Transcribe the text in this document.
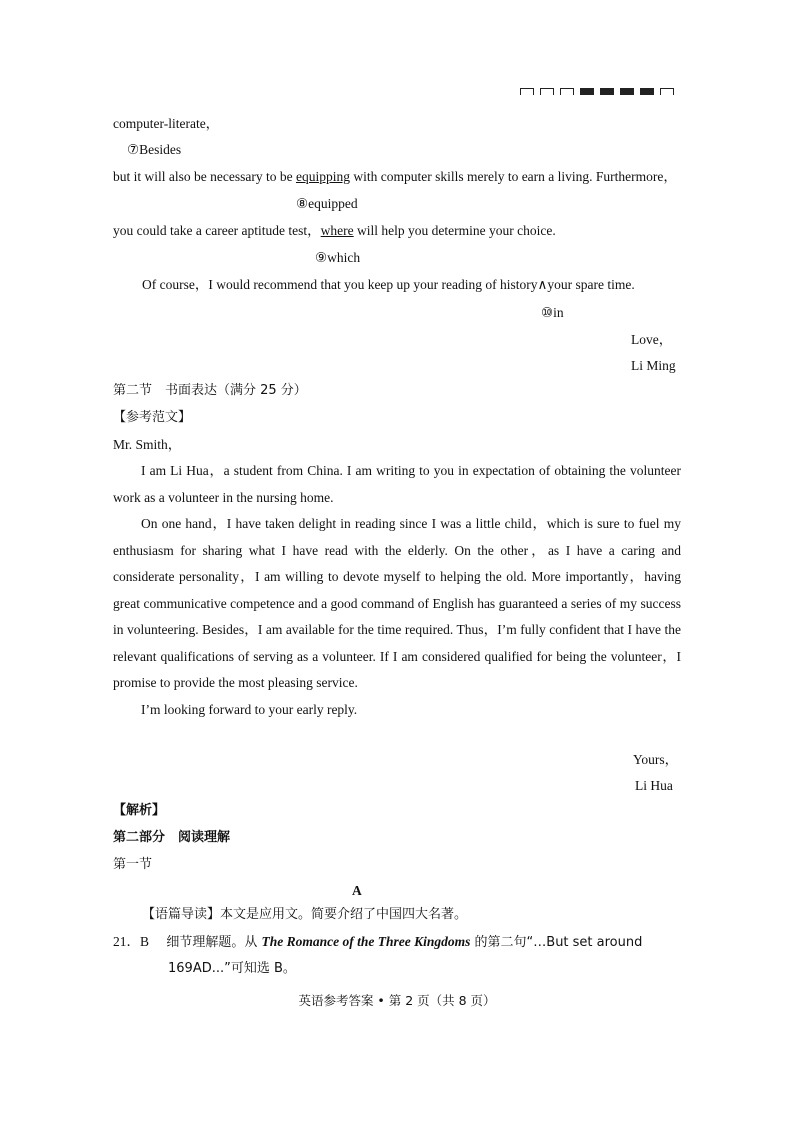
computer-literate，
⑦Besides
but it will also be necessary to be equipping with computer skills merely to earn a living. Furthermore，
⑧equipped
you could take a career aptitude test，where will help you determine your choice.
⑨which
Of course，I would recommend that you keep up your reading of history∧your spare time.
⑩in
Love，
Li Ming
第二节　书面表达（满分 25 分）
【参考范文】
Mr. Smith，
I am Li Hua，a student from China. I am writing to you in expectation of obtaining the volunteer work as a volunteer in the nursing home.
On one hand，I have taken delight in reading since I was a little child，which is sure to fuel my enthusiasm for sharing what I have read with the elderly. On the other，as I have a caring and considerate personality，I am willing to devote myself to helping the old. More importantly，having great communicative competence and a good command of English has guaranteed a series of my success in volunteering. Besides，I am available for the time required. Thus，I’m fully confident that I have the relevant qualifications of serving as a volunteer. If I am considered qualified for being the volunteer，I promise to provide the most pleasing service.
I’m looking forward to your early reply.
Yours，
Li Hua
【解析】
第二部分　阅读理解
第一节
A
【语篇导读】本文是应用文。简要介绍了中国四大名著。
21．B 细节理解题。从 The Romance of the Three Kingdoms 的第二句“…But set around
169AD...”可知选 B。
英语参考答案 • 第 2 页（共 8 页）
